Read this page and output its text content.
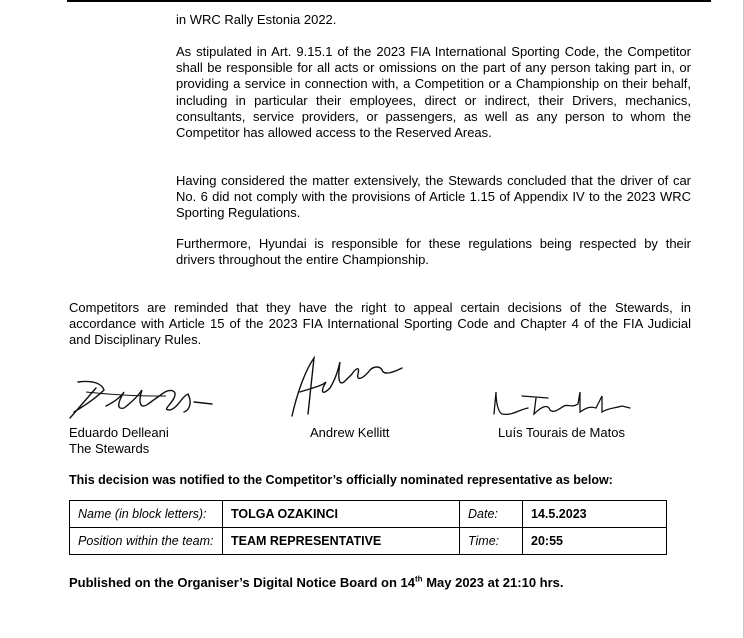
in WRC Rally Estonia 2022.

As stipulated in Art. 9.15.1 of the 2023 FIA International Sporting Code, the Competitor shall be responsible for all acts or omissions on the part of any person taking part in, or providing a service in connection with, a Competition or a Championship on their behalf, including in particular their employees, direct or indirect, their Drivers, mechanics, consultants, service providers, or passengers, as well as any person to whom the Competitor has allowed access to the Reserved Areas.

Having considered the matter extensively, the Stewards concluded that the driver of car No. 6 did not comply with the provisions of Article 1.15 of Appendix IV to the 2023 WRC Sporting Regulations.

Furthermore, Hyundai is responsible for these regulations being respected by their drivers throughout the entire Championship.

Competitors are reminded that they have the right to appeal certain decisions of the Stewards, in accordance with Article 15 of the 2023 FIA International Sporting Code and Chapter 4 of the FIA Judicial and Disciplinary Rules.

Eduardo Delleani
The Stewards
Andrew Kellitt	Luís Tourais de Matos
This decision was notified to the Competitor’s officially nominated representative as below:
Name (in block letters):	TOLGA OZAKINCI	Date:	14.5.2023
Position within the team:	TEAM REPRESENTATIVE	Time:	20:55
Published on the Organiser’s Digital Notice Board on 14th May 2023 at 21:10 hrs.
